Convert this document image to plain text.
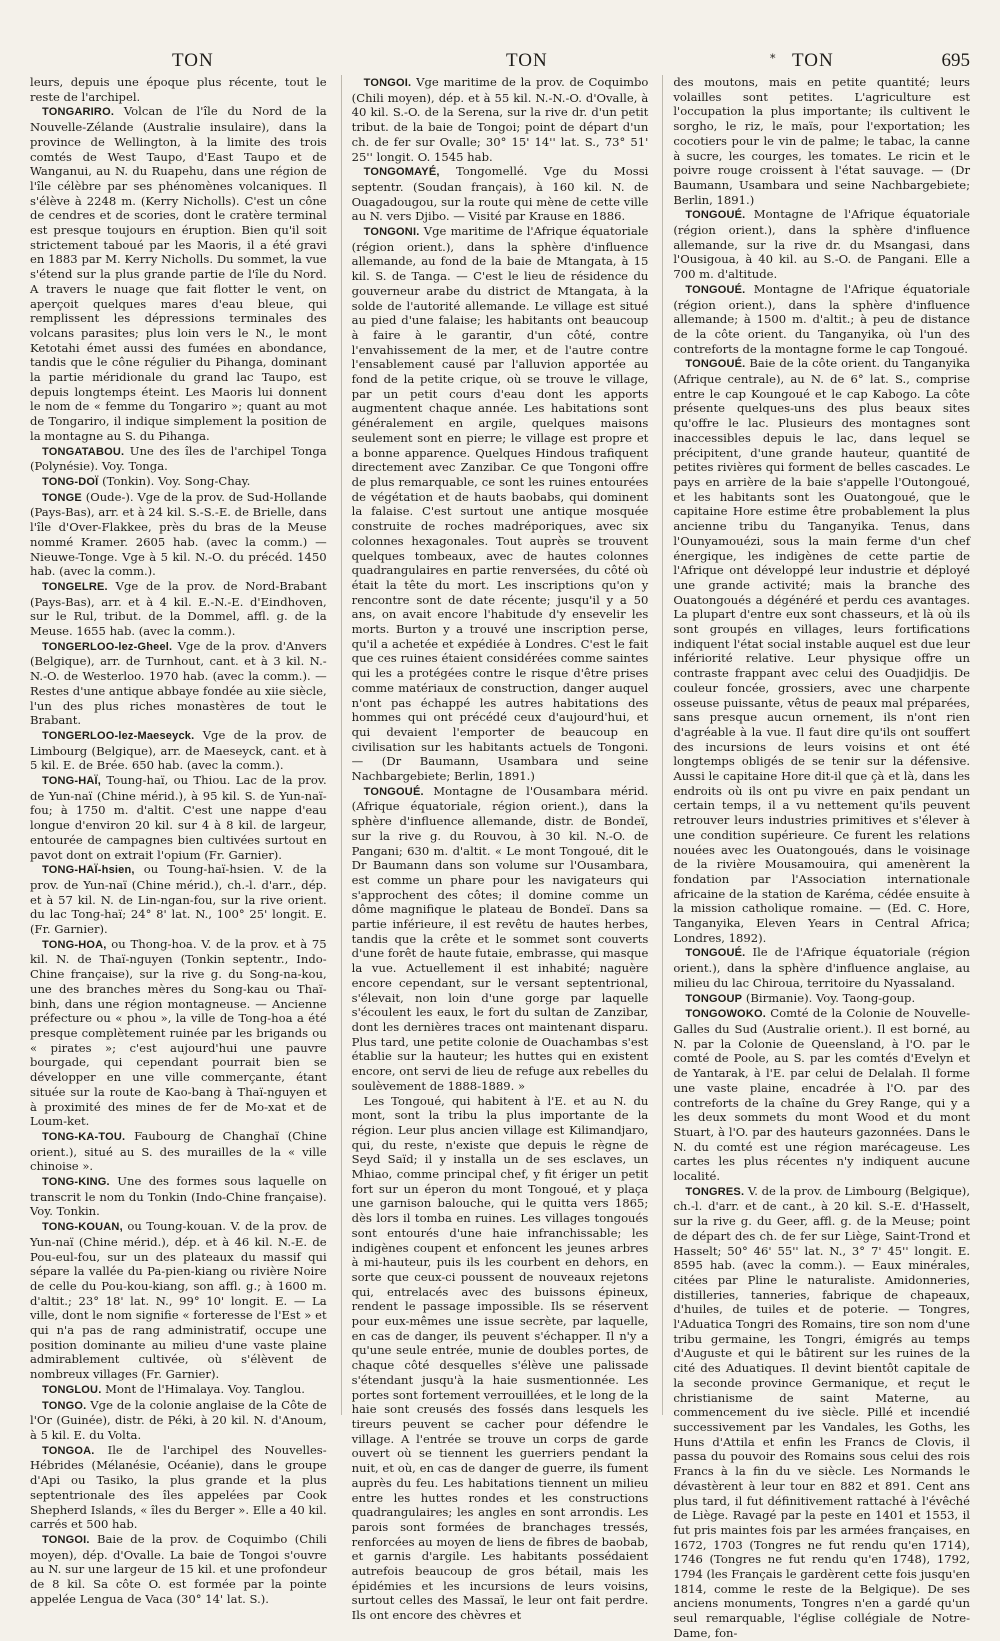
TON	TON	* TON	695

leurs, depuis une époque plus récente, tout le reste de l'archipel.

TONGARIRO. Volcan de l'île du Nord de la Nouvelle-Zélande (Australie insulaire), dans la province de Wellington, à la limite des trois comtés de West Taupo, d'East Taupo et de Wanganui, au N. du Ruapehu, dans une région de l'île célèbre par ses phénomènes volcaniques. Il s'élève à 2248 m. (Kerry Nicholls). C'est un cône de cendres et de scories, dont le cratère terminal est presque toujours en éruption. Bien qu'il soit strictement taboué par les Maoris, il a été gravi en 1883 par M. Kerry Nicholls. Du sommet, la vue s'étend sur la plus grande partie de l'île du Nord. A travers le nuage que fait flotter le vent, on aperçoit quelques mares d'eau bleue, qui remplissent les dépressions terminales des volcans parasites; plus loin vers le N., le mont Ketotahi émet aussi des fumées en abondance, tandis que le cône régulier du Pihanga, dominant la partie méridionale du grand lac Taupo, est depuis longtemps éteint. Les Maoris lui donnent le nom de « femme du Tongariro »; quant au mot de Tongariro, il indique simplement la position de la montagne au S. du Pihanga.

TONGATABOU. Une des îles de l'archipel Tonga (Polynésie). Voy. Tonga.

TONG-DOÏ (Tonkin). Voy. Song-Chay.

TONGE (Oude-). Vge de la prov. de Sud-Hollande (Pays-Bas), arr. et à 24 kil. S.-S.-E. de Brielle, dans l'île d'Over-Flakkee, près du bras de la Meuse nommé Kramer. 2605 hab. (avec la comm.) — Nieuwe-Tonge. Vge à 5 kil. N.-O. du précéd. 1450 hab. (avec la comm.).

TONGELRE. Vge de la prov. de Nord-Brabant (Pays-Bas), arr. et à 4 kil. E.-N.-E. d'Eindhoven, sur le Rul, tribut. de la Dommel, affl. g. de la Meuse. 1655 hab. (avec la comm.).

TONGERLOO-lez-Gheel. Vge de la prov. d'Anvers (Belgique), arr. de Turnhout, cant. et à 3 kil. N.-N.-O. de Westerloo. 1970 hab. (avec la comm.). — Restes d'une antique abbaye fondée au xiie siècle, l'un des plus riches monastères de tout le Brabant.

TONGERLOO-lez-Maeseyck. Vge de la prov. de Limbourg (Belgique), arr. de Maeseyck, cant. et à 5 kil. E. de Brée. 650 hab. (avec la comm.).

TONG-HAÏ, Toung-haï, ou Thiou. Lac de la prov. de Yun-naï (Chine mérid.), à 95 kil. S. de Yun-naï-fou; à 1750 m. d'altit. C'est une nappe d'eau longue d'environ 20 kil. sur 4 à 8 kil. de largeur, entourée de campagnes bien cultivées surtout en pavot dont on extrait l'opium (Fr. Garnier).

TONG-HAÏ-hsien, ou Toung-haï-hsien. V. de la prov. de Yun-naï (Chine mérid.), ch.-l. d'arr., dép. et à 57 kil. N. de Lin-ngan-fou, sur la rive orient. du lac Tong-haï; 24° 8' lat. N., 100° 25' longit. E. (Fr. Garnier).

TONG-HOA, ou Thong-hoa. V. de la prov. et à 75 kil. N. de Thaï-nguyen (Tonkin septentr., Indo-Chine française), sur la rive g. du Song-na-kou, une des branches mères du Song-kau ou Thaï-binh, dans une région montagneuse. — Ancienne préfecture ou « phou », la ville de Tong-hoa a été presque complètement ruinée par les brigands ou « pirates »; c'est aujourd'hui une pauvre bourgade, qui cependant pourrait bien se développer en une ville commerçante, étant située sur la route de Kao-bang à Thaï-nguyen et à proximité des mines de fer de Mo-xat et de Loum-ket.

TONG-KA-TOU. Faubourg de Changhaï (Chine orient.), situé au S. des murailles de la « ville chinoise ».

TONG-KING. Une des formes sous laquelle on transcrit le nom du Tonkin (Indo-Chine française). Voy. Tonkin.

TONG-KOUAN, ou Toung-kouan. V. de la prov. de Yun-naï (Chine mérid.), dép. et à 46 kil. N.-E. de Pou-eul-fou, sur un des plateaux du massif qui sépare la vallée du Pa-pien-kiang ou rivière Noire de celle du Pou-kou-kiang, son affl. g.; à 1600 m. d'altit.; 23° 18' lat. N., 99° 10' longit. E. — La ville, dont le nom signifie « forteresse de l'Est » et qui n'a pas de rang administratif, occupe une position dominante au milieu d'une vaste plaine admirablement cultivée, où s'élèvent de nombreux villages (Fr. Garnier).

TONGLOU. Mont de l'Himalaya. Voy. Tanglou.

TONGO. Vge de la colonie anglaise de la Côte de l'Or (Guinée), distr. de Péki, à 20 kil. N. d'Anoum, à 5 kil. E. du Volta.

TONGOA. Ile de l'archipel des Nouvelles-Hébrides (Mélanésie, Océanie), dans le groupe d'Api ou Tasiko, la plus grande et la plus septentrionale des îles appelées par Cook Shepherd Islands, « îles du Berger ». Elle a 40 kil. carrés et 500 hab.

TONGOI. Baie de la prov. de Coquimbo (Chili moyen), dép. d'Ovalle. La baie de Tongoi s'ouvre au N. sur une largeur de 15 kil. et une profondeur de 8 kil. Sa côte O. est formée par la pointe appelée Lengua de Vaca (30° 14' lat. S.).

TONGOI. Vge maritime de la prov. de Coquimbo (Chili moyen), dép. et à 55 kil. N.-N.-O. d'Ovalle, à 40 kil. S.-O. de la Serena, sur la rive dr. d'un petit tribut. de la baie de Tongoi; point de départ d'un ch. de fer sur Ovalle; 30° 15' 14'' lat. S., 73° 51' 25'' longit. O. 1545 hab.

TONGOMAYÉ, Tongomellé. Vge du Mossi septentr. (Soudan français), à 160 kil. N. de Ouagadougou, sur la route qui mène de cette ville au N. vers Djibo. — Visité par Krause en 1886.

TONGONI. Vge maritime de l'Afrique équatoriale (région orient.), dans la sphère d'influence allemande, au fond de la baie de Mtangata, à 15 kil. S. de Tanga. — C'est le lieu de résidence du gouverneur arabe du district de Mtangata, à la solde de l'autorité allemande. Le village est situé au pied d'une falaise; les habitants ont beaucoup à faire à le garantir, d'un côté, contre l'envahissement de la mer, et de l'autre contre l'ensablement causé par l'alluvion apportée au fond de la petite crique, où se trouve le village, par un petit cours d'eau dont les apports augmentent chaque année. Les habitations sont généralement en argile, quelques maisons seulement sont en pierre; le village est propre et a bonne apparence. Quelques Hindous trafiquent directement avec Zanzibar. Ce que Tongoni offre de plus remarquable, ce sont les ruines entourées de végétation et de hauts baobabs, qui dominent la falaise. C'est surtout une antique mosquée construite de roches madréporiques, avec six colonnes hexagonales. Tout auprès se trouvent quelques tombeaux, avec de hautes colonnes quadrangulaires en partie renversées, du côté où était la tête du mort. Les inscriptions qu'on y rencontre sont de date récente; jusqu'il y a 50 ans, on avait encore l'habitude d'y ensevelir les morts. Burton y a trouvé une inscription perse, qu'il a achetée et expédiée à Londres. C'est le fait que ces ruines étaient considérées comme saintes qui les a protégées contre le risque d'être prises comme matériaux de construction, danger auquel n'ont pas échappé les autres habitations des hommes qui ont précédé ceux d'aujourd'hui, et qui devaient l'emporter de beaucoup en civilisation sur les habitants actuels de Tongoni. — (Dr Baumann, Usambara und seine Nachbargebiete; Berlin, 1891.)

TONGOUÉ. Montagne de l'Ousambara mérid. (Afrique équatoriale, région orient.), dans la sphère d'influence allemande, distr. de Bondeï, sur la rive g. du Rouvou, à 30 kil. N.-O. de Pangani; 630 m. d'altit. « Le mont Tongoué, dit le Dr Baumann dans son volume sur l'Ousambara, est comme un phare pour les navigateurs qui s'approchent des côtes; il domine comme un dôme magnifique le plateau de Bondeï. Dans sa partie inférieure, il est revêtu de hautes herbes, tandis que la crête et le sommet sont couverts d'une forêt de haute futaie, embrasse, qui masque la vue. Actuellement il est inhabité; naguère encore cependant, sur le versant septentrional, s'élevait, non loin d'une gorge par laquelle s'écoulent les eaux, le fort du sultan de Zanzibar, dont les dernières traces ont maintenant disparu. Plus tard, une petite colonie de Ouachambas s'est établie sur la hauteur; les huttes qui en existent encore, ont servi de lieu de refuge aux rebelles du soulèvement de 1888-1889. »

Les Tongoué, qui habitent à l'E. et au N. du mont, sont la tribu la plus importante de la région. Leur plus ancien village est Kilimandjaro, qui, du reste, n'existe que depuis le règne de Seyd Saïd; il y installa un de ses esclaves, un Mhiao, comme principal chef, y fit ériger un petit fort sur un éperon du mont Tongoué, et y plaça une garnison balouche, qui le quitta vers 1865; dès lors il tomba en ruines. Les villages tongoués sont entourés d'une haie infranchissable; les indigènes coupent et enfoncent les jeunes arbres à mi-hauteur, puis ils les courbent en dehors, en sorte que ceux-ci poussent de nouveaux rejetons qui, entrelacés avec des buissons épineux, rendent le passage impossible. Ils se réservent pour eux-mêmes une issue secrète, par laquelle, en cas de danger, ils peuvent s'échapper. Il n'y a qu'une seule entrée, munie de doubles portes, de chaque côté desquelles s'élève une palissade s'étendant jusqu'à la haie susmentionnée. Les portes sont fortement verrouillées, et le long de la haie sont creusés des fossés dans lesquels les tireurs peuvent se cacher pour défendre le village. A l'entrée se trouve un corps de garde ouvert où se tiennent les guerriers pendant la nuit, et où, en cas de danger de guerre, ils fument auprès du feu. Les habitations tiennent un milieu entre les huttes rondes et les constructions quadrangulaires; les angles en sont arrondis. Les parois sont formées de branchages tressés, renforcées au moyen de liens de fibres de baobab, et garnis d'argile. Les habitants possédaient autrefois beaucoup de gros bétail, mais les épidémies et les incursions de leurs voisins, surtout celles des Massaï, le leur ont fait perdre. Ils ont encore des chèvres et

des moutons, mais en petite quantité; leurs volailles sont petites. L'agriculture est l'occupation la plus importante; ils cultivent le sorgho, le riz, le maïs, pour l'exportation; les cocotiers pour le vin de palme; le tabac, la canne à sucre, les courges, les tomates. Le ricin et le poivre rouge croissent à l'état sauvage. — (Dr Baumann, Usambara und seine Nachbargebiete; Berlin, 1891.)

TONGOUÉ. Montagne de l'Afrique équatoriale (région orient.), dans la sphère d'influence allemande, sur la rive dr. du Msangasi, dans l'Ousigoua, à 40 kil. au S.-O. de Pangani. Elle a 700 m. d'altitude.

TONGOUÉ. Montagne de l'Afrique équatoriale (région orient.), dans la sphère d'influence allemande; à 1500 m. d'altit.; à peu de distance de la côte orient. du Tanganyika, où l'un des contreforts de la montagne forme le cap Tongoué.

TONGOUÉ. Baie de la côte orient. du Tanganyika (Afrique centrale), au N. de 6° lat. S., comprise entre le cap Koungoué et le cap Kabogo. La côte présente quelques-uns des plus beaux sites qu'offre le lac. Plusieurs des montagnes sont inaccessibles depuis le lac, dans lequel se précipitent, d'une grande hauteur, quantité de petites rivières qui forment de belles cascades. Le pays en arrière de la baie s'appelle l'Outongoué, et les habitants sont les Ouatongoué, que le capitaine Hore estime être probablement la plus ancienne tribu du Tanganyika. Tenus, dans l'Ounyamouézi, sous la main ferme d'un chef énergique, les indigènes de cette partie de l'Afrique ont développé leur industrie et déployé une grande activité; mais la branche des Ouatongoués a dégénéré et perdu ces avantages. La plupart d'entre eux sont chasseurs, et là où ils sont groupés en villages, leurs fortifications indiquent l'état social instable auquel est due leur infériorité relative. Leur physique offre un contraste frappant avec celui des Ouadjidjis. De couleur foncée, grossiers, avec une charpente osseuse puissante, vêtus de peaux mal préparées, sans presque aucun ornement, ils n'ont rien d'agréable à la vue. Il faut dire qu'ils ont souffert des incursions de leurs voisins et ont été longtemps obligés de se tenir sur la défensive. Aussi le capitaine Hore dit-il que çà et là, dans les endroits où ils ont pu vivre en paix pendant un certain temps, il a vu nettement qu'ils peuvent retrouver leurs industries primitives et s'élever à une condition supérieure. Ce furent les relations nouées avec les Ouatongoués, dans le voisinage de la rivière Mousamouira, qui amenèrent la fondation par l'Association internationale africaine de la station de Karéma, cédée ensuite à la mission catholique romaine. — (Ed. C. Hore, Tanganyika, Eleven Years in Central Africa; Londres, 1892).

TONGOUÉ. Ile de l'Afrique équatoriale (région orient.), dans la sphère d'influence anglaise, au milieu du lac Chiroua, territoire du Nyassaland.

TONGOUP (Birmanie). Voy. Taong-goup.

TONGOWOKO. Comté de la Colonie de Nouvelle-Galles du Sud (Australie orient.). Il est borné, au N. par la Colonie de Queensland, à l'O. par le comté de Poole, au S. par les comtés d'Evelyn et de Yantarak, à l'E. par celui de Delalah. Il forme une vaste plaine, encadrée à l'O. par des contreforts de la chaîne du Grey Range, qui y a les deux sommets du mont Wood et du mont Stuart, à l'O. par des hauteurs gazonnées. Dans le N. du comté est une région marécageuse. Les cartes les plus récentes n'y indiquent aucune localité.

TONGRES. V. de la prov. de Limbourg (Belgique), ch.-l. d'arr. et de cant., à 20 kil. S.-E. d'Hasselt, sur la rive g. du Geer, affl. g. de la Meuse; point de départ des ch. de fer sur Liège, Saint-Trond et Hasselt; 50° 46' 55'' lat. N., 3° 7' 45'' longit. E. 8595 hab. (avec la comm.). — Eaux minérales, citées par Pline le naturaliste. Amidonneries, distilleries, tanneries, fabrique de chapeaux, d'huiles, de tuiles et de poterie. — Tongres, l'Aduatica Tongri des Romains, tire son nom d'une tribu germaine, les Tongri, émigrés au temps d'Auguste et qui le bâtirent sur les ruines de la cité des Aduatiques. Il devint bientôt capitale de la seconde province Germanique, et reçut le christianisme de saint Materne, au commencement du ive siècle. Pillé et incendié successivement par les Vandales, les Goths, les Huns d'Attila et enfin les Francs de Clovis, il passa du pouvoir des Romains sous celui des rois Francs à la fin du ve siècle. Les Normands le dévastèrent à leur tour en 882 et 891. Cent ans plus tard, il fut définitivement rattaché à l'évêché de Liège. Ravagé par la peste en 1401 et 1553, il fut pris maintes fois par les armées françaises, en 1672, 1703 (Tongres ne fut rendu qu'en 1714), 1746 (Tongres ne fut rendu qu'en 1748), 1792, 1794 (les Français le gardèrent cette fois jusqu'en 1814, comme le reste de la Belgique). De ses anciens monuments, Tongres n'en a gardé qu'un seul remarquable, l'église collégiale de Notre-Dame, fon-
